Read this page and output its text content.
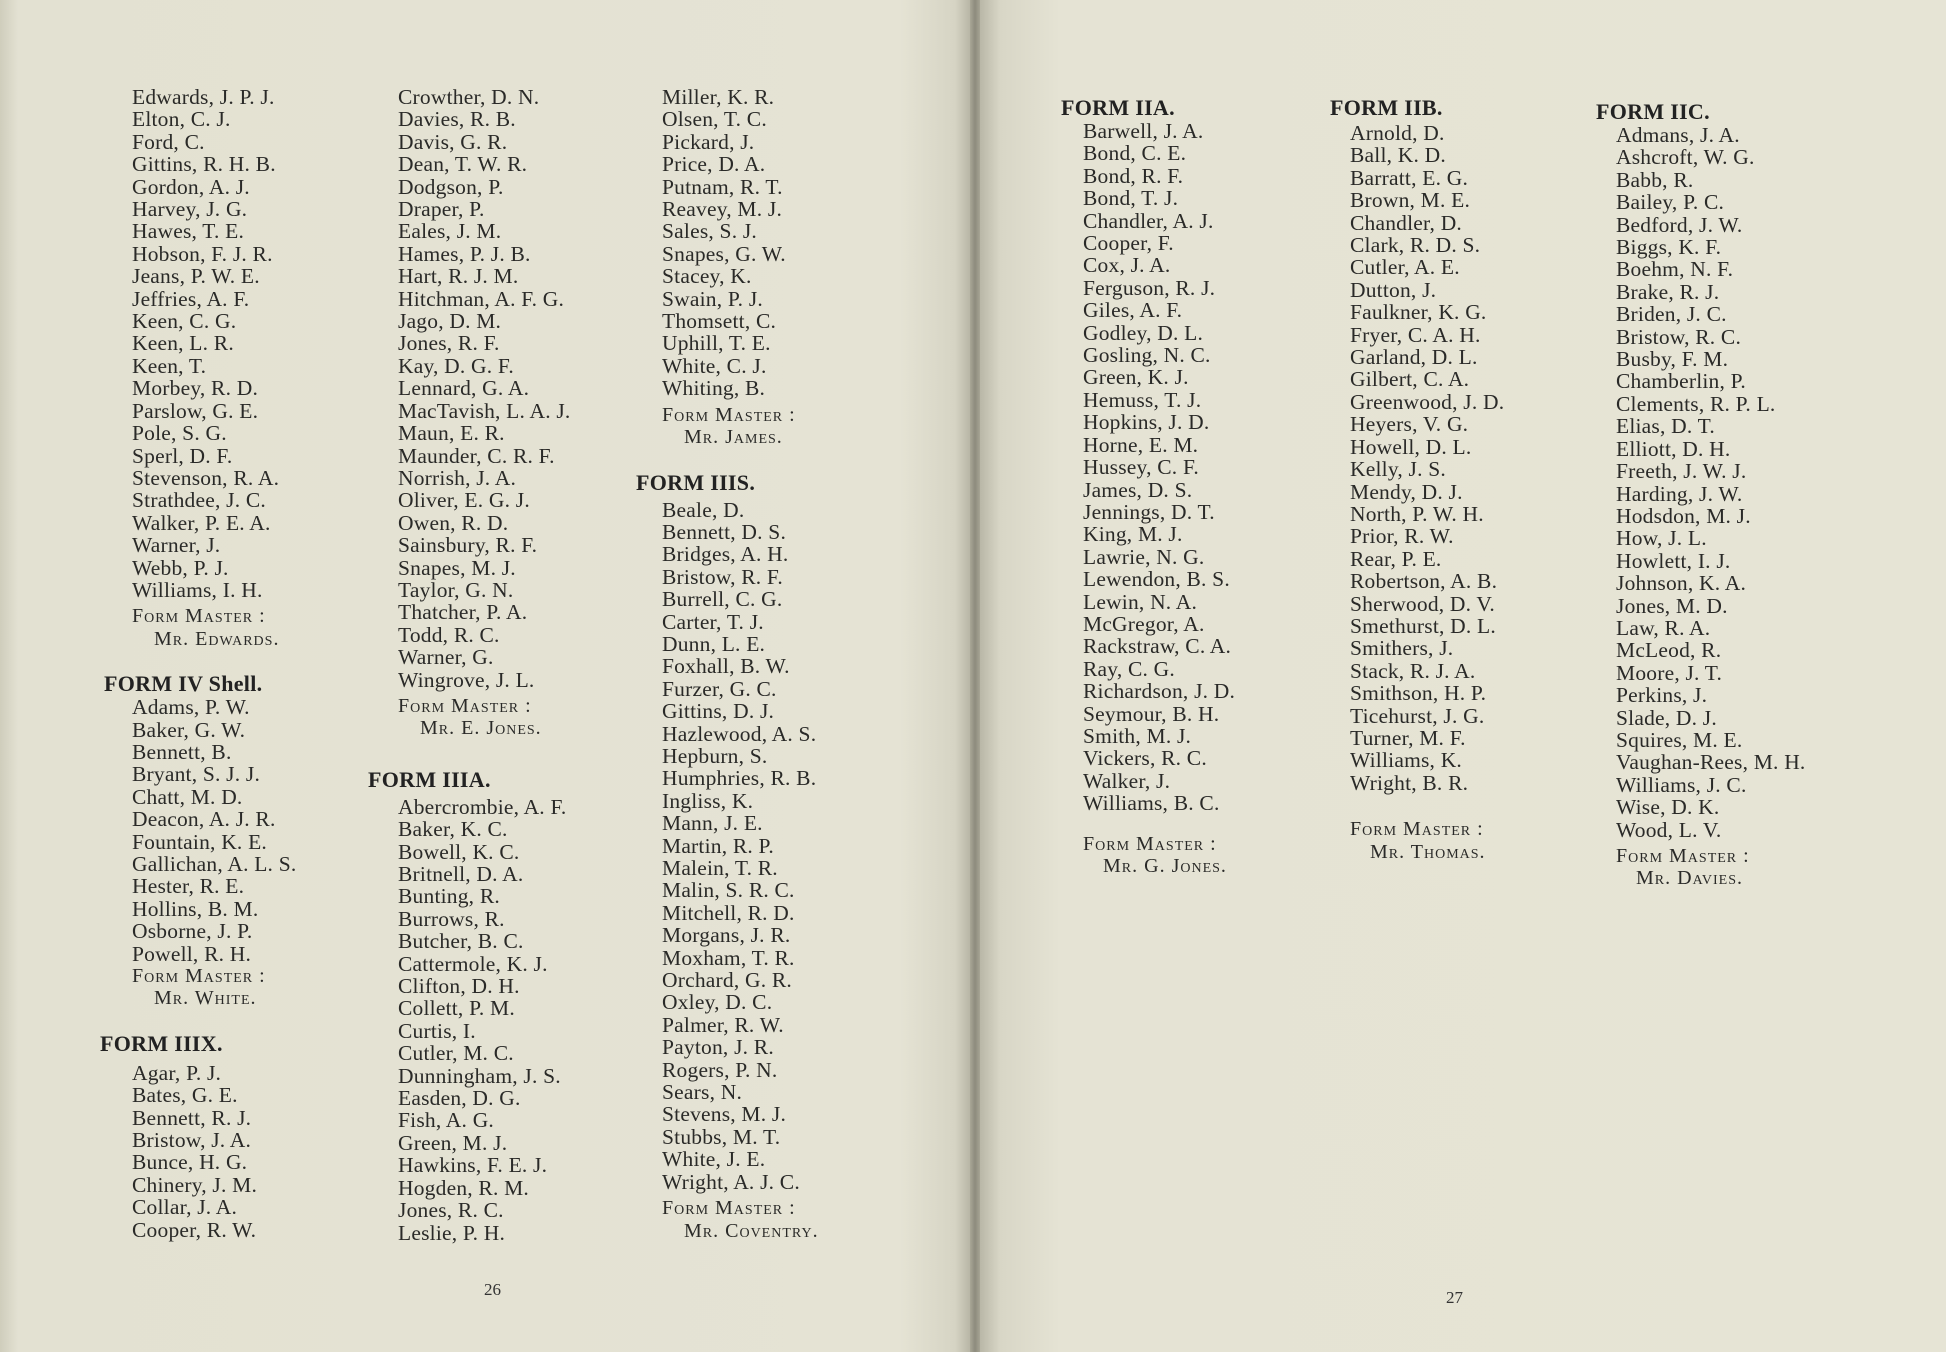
Edwards, J. P. J.
Elton, C. J.
Ford, C.
Gittins, R. H. B.
Gordon, A. J.
Harvey, J. G.
Hawes, T. E.
Hobson, F. J. R.
Jeans, P. W. E.
Jeffries, A. F.
Keen, C. G.
Keen, L. R.
Keen, T.
Morbey, R. D.
Parslow, G. E.
Pole, S. G.
Sperl, D. F.
Stevenson, R. A.
Strathdee, J. C.
Walker, P. E. A.
Warner, J.
Webb, P. J.
Williams, I. H.
Form Master :
Mr. Edwards.
FORM IV Shell.
Adams, P. W.
Baker, G. W.
Bennett, B.
Bryant, S. J. J.
Chatt, M. D.
Deacon, A. J. R.
Fountain, K. E.
Gallichan, A. L. S.
Hester, R. E.
Hollins, B. M.
Osborne, J. P.
Powell, R. H.
Form Master :
Mr. White.
FORM IIIX.
Agar, P. J.
Bates, G. E.
Bennett, R. J.
Bristow, J. A.
Bunce, H. G.
Chinery, J. M.
Collar, J. A.
Cooper, R. W.
Crowther, D. N.
Davies, R. B.
Davis, G. R.
Dean, T. W. R.
Dodgson, P.
Draper, P.
Eales, J. M.
Hames, P. J. B.
Hart, R. J. M.
Hitchman, A. F. G.
Jago, D. M.
Jones, R. F.
Kay, D. G. F.
Lennard, G. A.
MacTavish, L. A. J.
Maun, E. R.
Maunder, C. R. F.
Norrish, J. A.
Oliver, E. G. J.
Owen, R. D.
Sainsbury, R. F.
Snapes, M. J.
Taylor, G. N.
Thatcher, P. A.
Todd, R. C.
Warner, G.
Wingrove, J. L.
Form Master :
Mr. E. Jones.
FORM IIIA.
Abercrombie, A. F.
Baker, K. C.
Bowell, K. C.
Britnell, D. A.
Bunting, R.
Burrows, R.
Butcher, B. C.
Cattermole, K. J.
Clifton, D. H.
Collett, P. M.
Curtis, I.
Cutler, M. C.
Dunningham, J. S.
Easden, D. G.
Fish, A. G.
Green, M. J.
Hawkins, F. E. J.
Hogden, R. M.
Jones, R. C.
Leslie, P. H.
Miller, K. R.
Olsen, T. C.
Pickard, J.
Price, D. A.
Putnam, R. T.
Reavey, M. J.
Sales, S. J.
Snapes, G. W.
Stacey, K.
Swain, P. J.
Thomsett, C.
Uphill, T. E.
White, C. J.
Whiting, B.
Form Master :
Mr. James.
FORM IIIS.
Beale, D.
Bennett, D. S.
Bridges, A. H.
Bristow, R. F.
Burrell, C. G.
Carter, T. J.
Dunn, L. E.
Foxhall, B. W.
Furzer, G. C.
Gittins, D. J.
Hazlewood, A. S.
Hepburn, S.
Humphries, R. B.
Ingliss, K.
Mann, J. E.
Martin, R. P.
Malein, T. R.
Malin, S. R. C.
Mitchell, R. D.
Morgans, J. R.
Moxham, T. R.
Orchard, G. R.
Oxley, D. C.
Palmer, R. W.
Payton, J. R.
Rogers, P. N.
Sears, N.
Stevens, M. J.
Stubbs, M. T.
White, J. E.
Wright, A. J. C.
Form Master :
Mr. Coventry.
26
FORM IIA.
Barwell, J. A.
Bond, C. E.
Bond, R. F.
Bond, T. J.
Chandler, A. J.
Cooper, F.
Cox, J. A.
Ferguson, R. J.
Giles, A. F.
Godley, D. L.
Gosling, N. C.
Green, K. J.
Hemuss, T. J.
Hopkins, J. D.
Horne, E. M.
Hussey, C. F.
James, D. S.
Jennings, D. T.
King, M. J.
Lawrie, N. G.
Lewendon, B. S.
Lewin, N. A.
McGregor, A.
Rackstraw, C. A.
Ray, C. G.
Richardson, J. D.
Seymour, B. H.
Smith, M. J.
Vickers, R. C.
Walker, J.
Williams, B. C.
Form Master :
Mr. G. Jones.
FORM IIB.
Arnold, D.
Ball, K. D.
Barratt, E. G.
Brown, M. E.
Chandler, D.
Clark, R. D. S.
Cutler, A. E.
Dutton, J.
Faulkner, K. G.
Fryer, C. A. H.
Garland, D. L.
Gilbert, C. A.
Greenwood, J. D.
Heyers, V. G.
Howell, D. L.
Kelly, J. S.
Mendy, D. J.
North, P. W. H.
Prior, R. W.
Rear, P. E.
Robertson, A. B.
Sherwood, D. V.
Smethurst, D. L.
Smithers, J.
Stack, R. J. A.
Smithson, H. P.
Ticehurst, J. G.
Turner, M. F.
Williams, K.
Wright, B. R.
Form Master :
Mr. Thomas.
FORM IIC.
Admans, J. A.
Ashcroft, W. G.
Babb, R.
Bailey, P. C.
Bedford, J. W.
Biggs, K. F.
Boehm, N. F.
Brake, R. J.
Briden, J. C.
Bristow, R. C.
Busby, F. M.
Chamberlin, P.
Clements, R. P. L.
Elias, D. T.
Elliott, D. H.
Freeth, J. W. J.
Harding, J. W.
Hodsdon, M. J.
How, J. L.
Howlett, I. J.
Johnson, K. A.
Jones, M. D.
Law, R. A.
McLeod, R.
Moore, J. T.
Perkins, J.
Slade, D. J.
Squires, M. E.
Vaughan-Rees, M. H.
Williams, J. C.
Wise, D. K.
Wood, L. V.
Form Master :
Mr. Davies.
27
